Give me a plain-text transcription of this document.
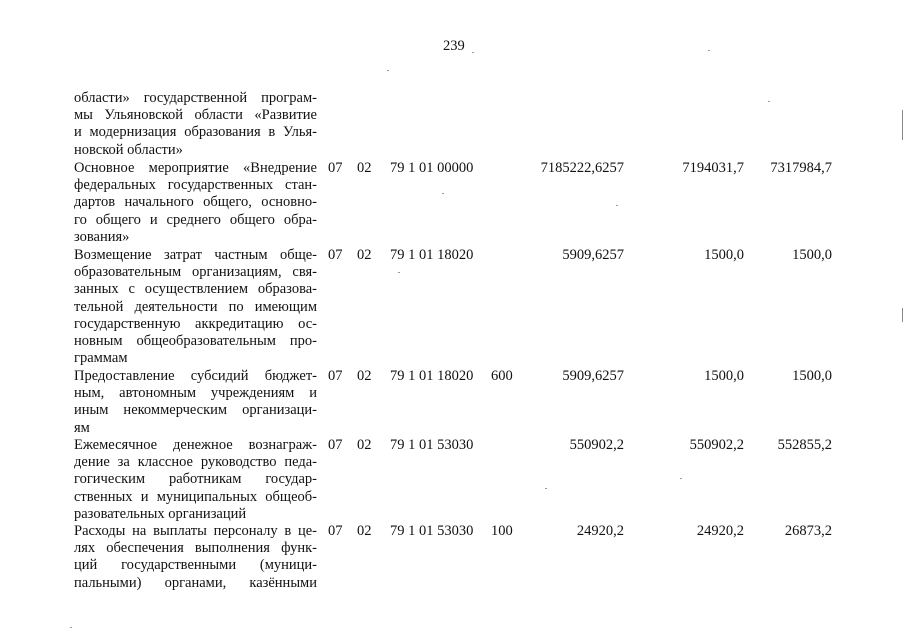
239
области» государственной програм-
мы Ульяновской области «Развитие
и модернизация образования в Улья-
новской области»
Основное мероприятие «Внедрение
федеральных государственных стан-
дартов начального общего, основно-
го общего и среднего общего обра-
зования»
07 02 79 1 01 00000	7185222,6257	7194031,7 7317984,7
Возмещение затрат частным обще-
образовательным организациям, свя-
занных с осуществлением образова-
тельной деятельности по имеющим
государственную аккредитацию ос-
новным общеобразовательным про-
граммам
07 02 79 1 01 18020	5909,6257	1500,0	1500,0
Предоставление субсидий бюджет-
ным, автономным учреждениям и
иным некоммерческим организаци-
ям
07 02 79 1 01 18020 600	5909,6257	1500,0	1500,0
Ежемесячное денежное вознаграж-
дение за классное руководство педа-
гогическим работникам государ-
ственных и муниципальных общеоб-
разовательных организаций
07 02 79 1 01 53030	550902,2	550902,2 552855,2
Расходы на выплаты персоналу в це-
лях обеспечения выполнения функ-
ций государственными (муници-
пальными) органами, казёнными
07 02 79 1 01 53030 100	24920,2	24920,2	26873,2
